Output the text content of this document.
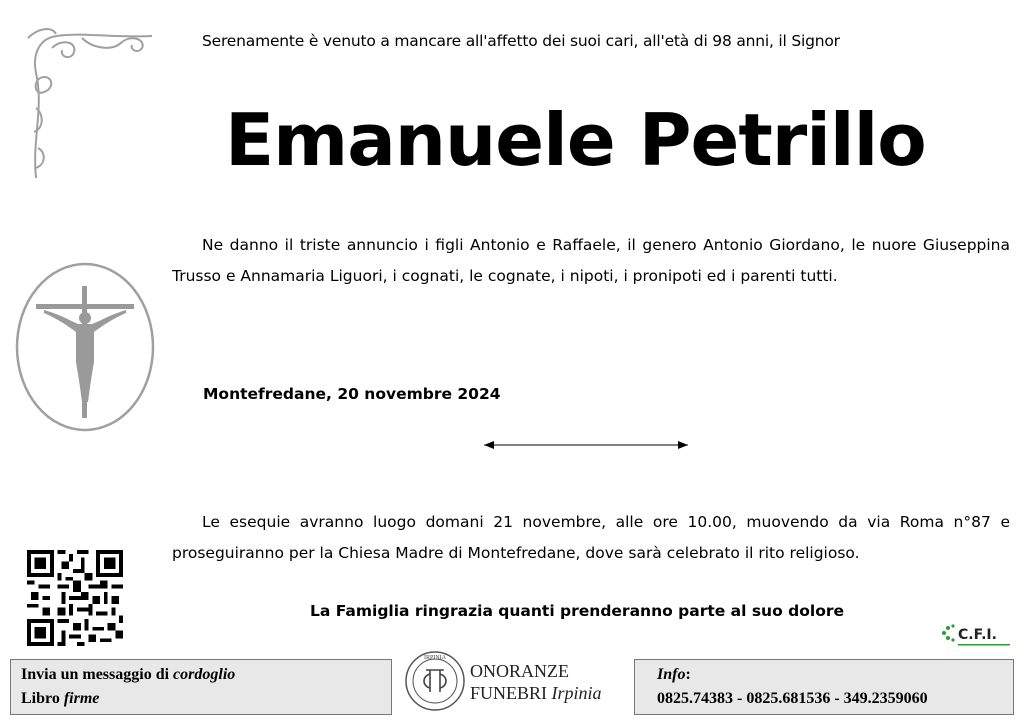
Serenamente è venuto a mancare all'affetto dei suoi cari, all'età di 98 anni, il Signor
Emanuele Petrillo
Ne danno il triste annuncio i figli Antonio e Raffaele, il genero Antonio Giordano, le nuore Giuseppina Trusso e Annamaria Liguori, i cognati, le cognate, i nipoti, i pronipoti ed i parenti tutti.
Montefredane, 20 novembre 2024
Le esequie avranno luogo domani 21 novembre, alle ore 10.00, muovendo da via Roma n°87 e proseguiranno per la Chiesa Madre di Montefredane, dove sarà celebrato il rito religioso.
La Famiglia ringrazia quanti prenderanno parte al suo dolore
C.F.I.
Invia un messaggio di cordoglio
Libro firme
IRPINIA
ONORANZE
FUNEBRI Irpinia
Info:
0825.74383 - 0825.681536 - 349.2359060
